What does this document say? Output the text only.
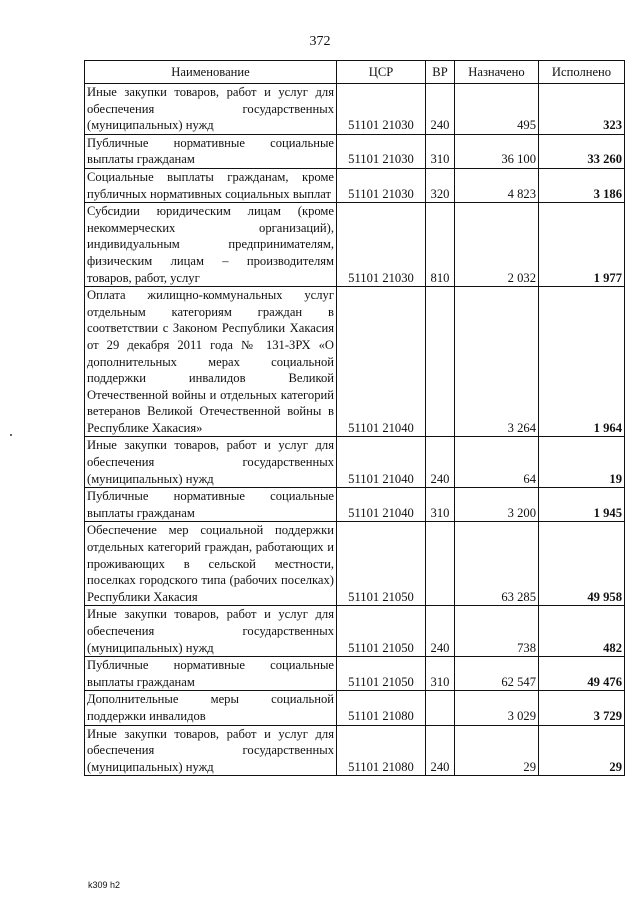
372
Наименование	ЦСР	ВР	Назначено	Исполнено
Иные закупки товаров, работ и услуг для обеспечения государственных (муниципальных) нужд	51101 21030	240	495	323
Публичные нормативные социальные выплаты гражданам	51101 21030	310	36 100	33 260
Социальные выплаты гражданам, кроме публичных нормативных социальных выплат	51101 21030	320	4 823	3 186
Субсидии юридическим лицам (кроме некоммерческих организаций), индивидуальным предпринимателям, физическим лицам – производителям товаров, работ, услуг	51101 21030	810	2 032	1 977
Оплата жилищно-коммунальных услуг отдельным категориям граждан в соответствии с Законом Республики Хакасия от 29 декабря 2011 года № 131-ЗРХ «О дополнительных мерах социальной поддержки инвалидов Великой Отечественной войны и отдельных категорий ветеранов Великой Отечественной войны в Республике Хакасия»	51101 21040		3 264	1 964
Иные закупки товаров, работ и услуг для обеспечения государственных (муниципальных) нужд	51101 21040	240	64	19
Публичные нормативные социальные выплаты гражданам	51101 21040	310	3 200	1 945
Обеспечение мер социальной поддержки отдельных категорий граждан, работающих и проживающих в сельской местности, поселках городского типа (рабочих поселках) Республики Хакасия	51101 21050		63 285	49 958
Иные закупки товаров, работ и услуг для обеспечения государственных (муниципальных) нужд	51101 21050	240	738	482
Публичные нормативные социальные выплаты гражданам	51101 21050	310	62 547	49 476
Дополнительные меры социальной поддержки инвалидов	51101 21080		3 029	3 729
Иные закупки товаров, работ и услуг для обеспечения государственных (муниципальных) нужд	51101 21080	240	29	29
k309 h2
